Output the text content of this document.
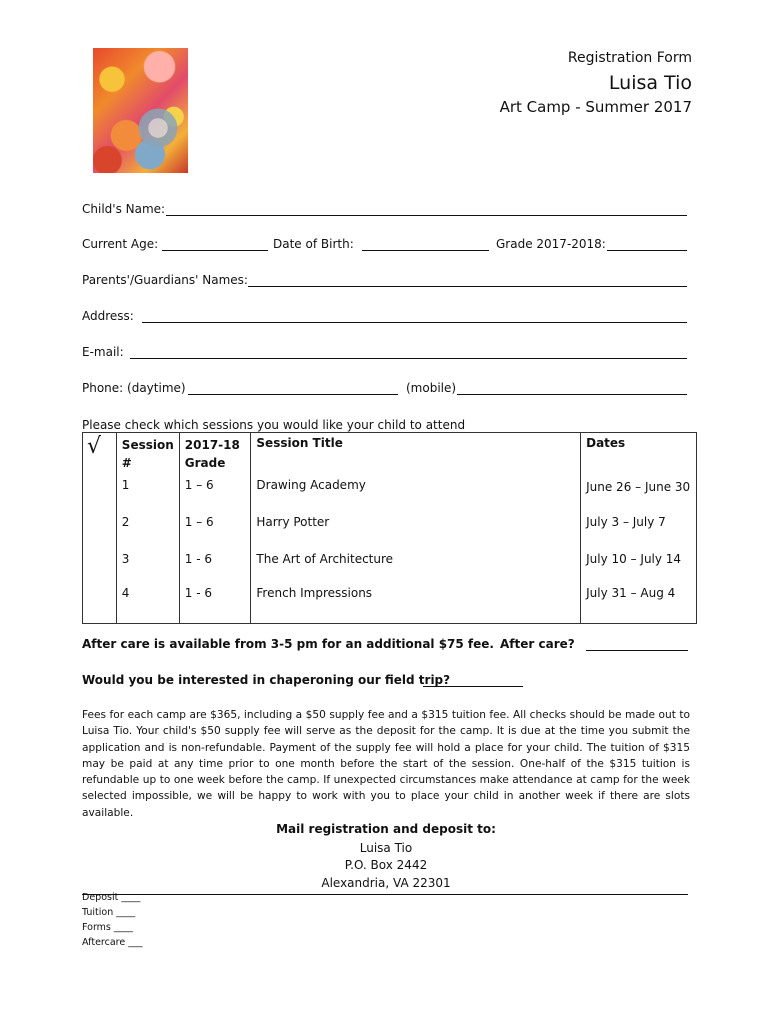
Registration Form
Luisa Tio
Art Camp - Summer 2017
Child's Name:
Current Age:	Date of Birth:	Grade 2017-2018:
Parents'/Guardians' Names:
Address:
E-mail:
Phone: (daytime)	(mobile)
Please check which sessions you would like your child to attend
√	Session #	2017-18 Grade	Session Title	Dates
	1	1 – 6	Drawing Academy	June 26 – June 30
	2	1 – 6	Harry Potter	July 3 – July 7
	3	1 - 6	The Art of Architecture	July 10 – July 14
	4	1 - 6	French Impressions	July 31 – Aug 4
After care is available from 3-5 pm for an additional $75 fee. After care?
Would you be interested in chaperoning our field trip?
Fees for each camp are $365, including a $50 supply fee and a $315 tuition fee. All checks should be made out to Luisa Tio. Your child's $50 supply fee will serve as the deposit for the camp. It is due at the time you submit the application and is non-refundable. Payment of the supply fee will hold a place for your child. The tuition of $315 may be paid at any time prior to one month before the start of the session. One-half of the $315 tuition is refundable up to one week before the camp. If unexpected circumstances make attendance at camp for the week selected impossible, we will be happy to work with you to place your child in another week if there are slots available.
Mail registration and deposit to:
Luisa Tio
P.O. Box 2442
Alexandria, VA 22301
Deposit ____
Tuition ____
Forms ____
Aftercare ___
